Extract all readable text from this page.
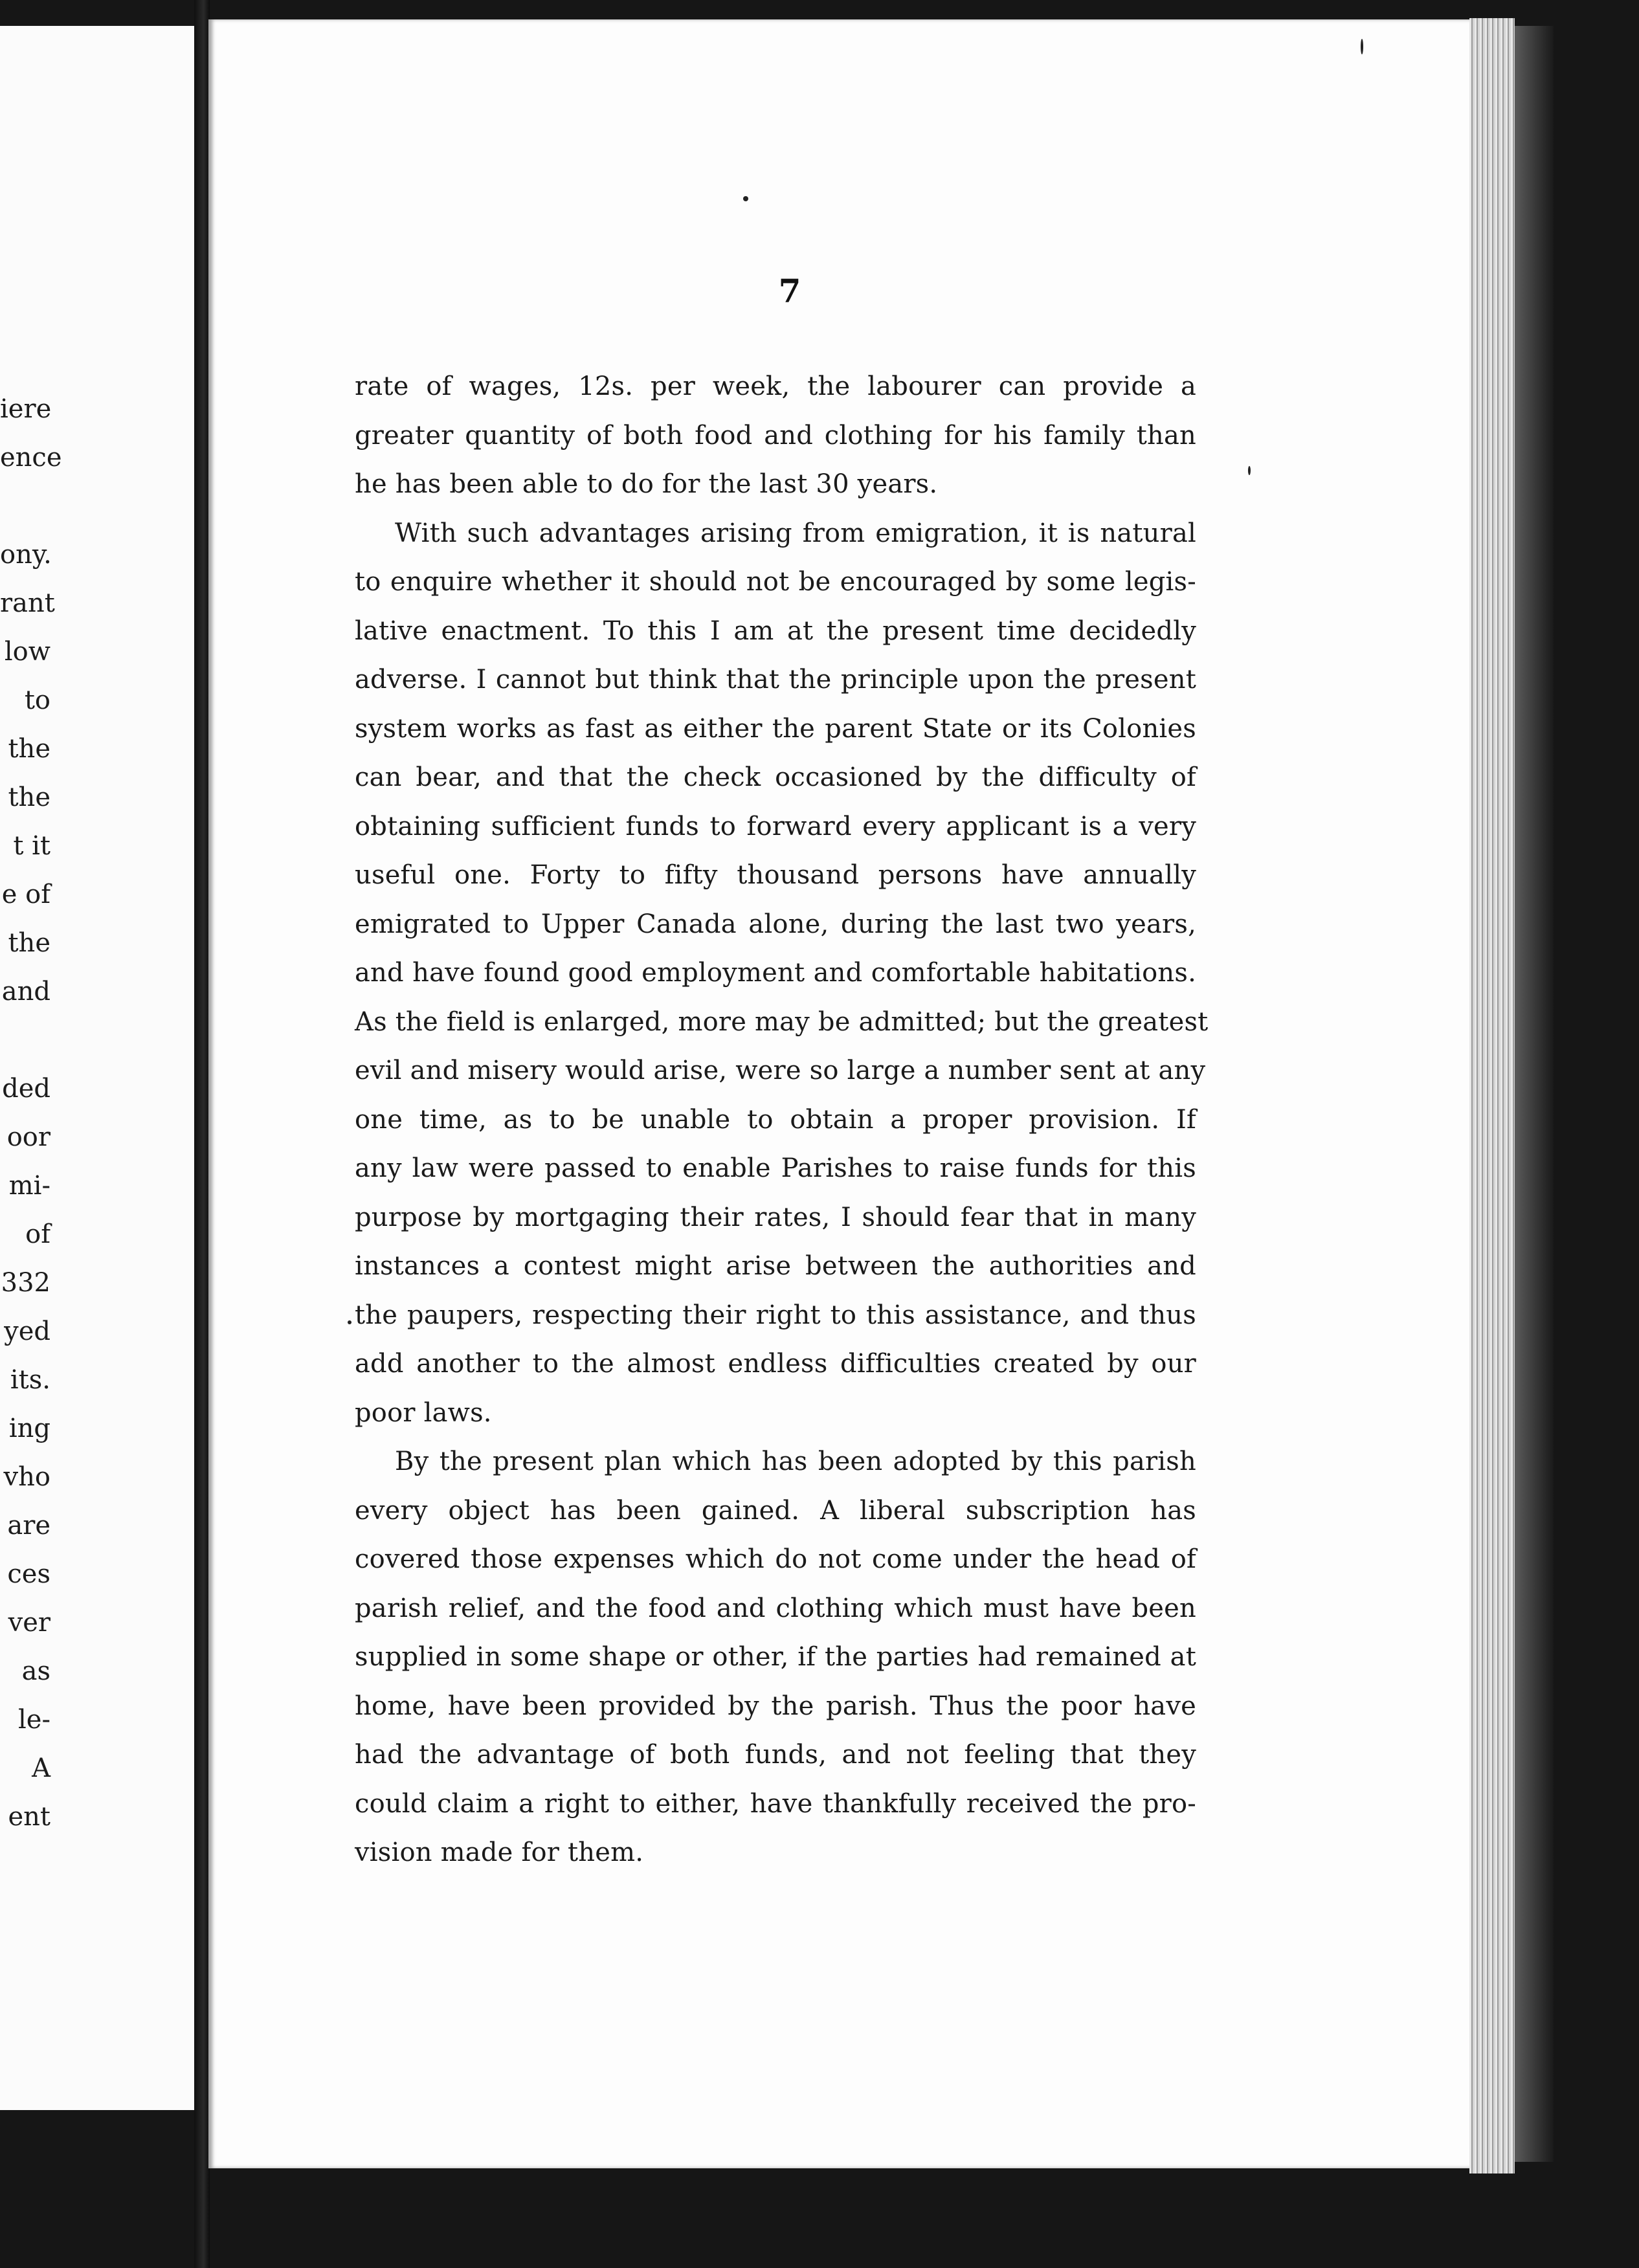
iere
ence
ony.
rant
low
to
the
the
t it
e of
the
and
ded
oor
mi-
of
332
yed
its.
ing
vho
are
ces
ver
as
le-
A
ent
7
rate of wages, 12s. per week, the labourer can provide a
greater quantity of both food and clothing for his family than
he has been able to do for the last 30 years.
With such advantages arising from emigration, it is natural
to enquire whether it should not be encouraged by some legis-
lative enactment. To this I am at the present time decidedly
adverse. I cannot but think that the principle upon the present
system works as fast as either the parent State or its Colonies
can bear, and that the check occasioned by the difficulty of
obtaining sufficient funds to forward every applicant is a very
useful one. Forty to fifty thousand persons have annually
emigrated to Upper Canada alone, during the last two years,
and have found good employment and comfortable habitations.
As the field is enlarged, more may be admitted; but the greatest
evil and misery would arise, were so large a number sent at any
one time, as to be unable to obtain a proper provision. If
any law were passed to enable Parishes to raise funds for this
purpose by mortgaging their rates, I should fear that in many
instances a contest might arise between the authorities and
the paupers, respecting their right to this assistance, and thus
add another to the almost endless difficulties created by our
poor laws.
By the present plan which has been adopted by this parish
every object has been gained. A liberal subscription has
covered those expenses which do not come under the head of
parish relief, and the food and clothing which must have been
supplied in some shape or other, if the parties had remained at
home, have been provided by the parish. Thus the poor have
had the advantage of both funds, and not feeling that they
could claim a right to either, have thankfully received the pro-
vision made for them.
